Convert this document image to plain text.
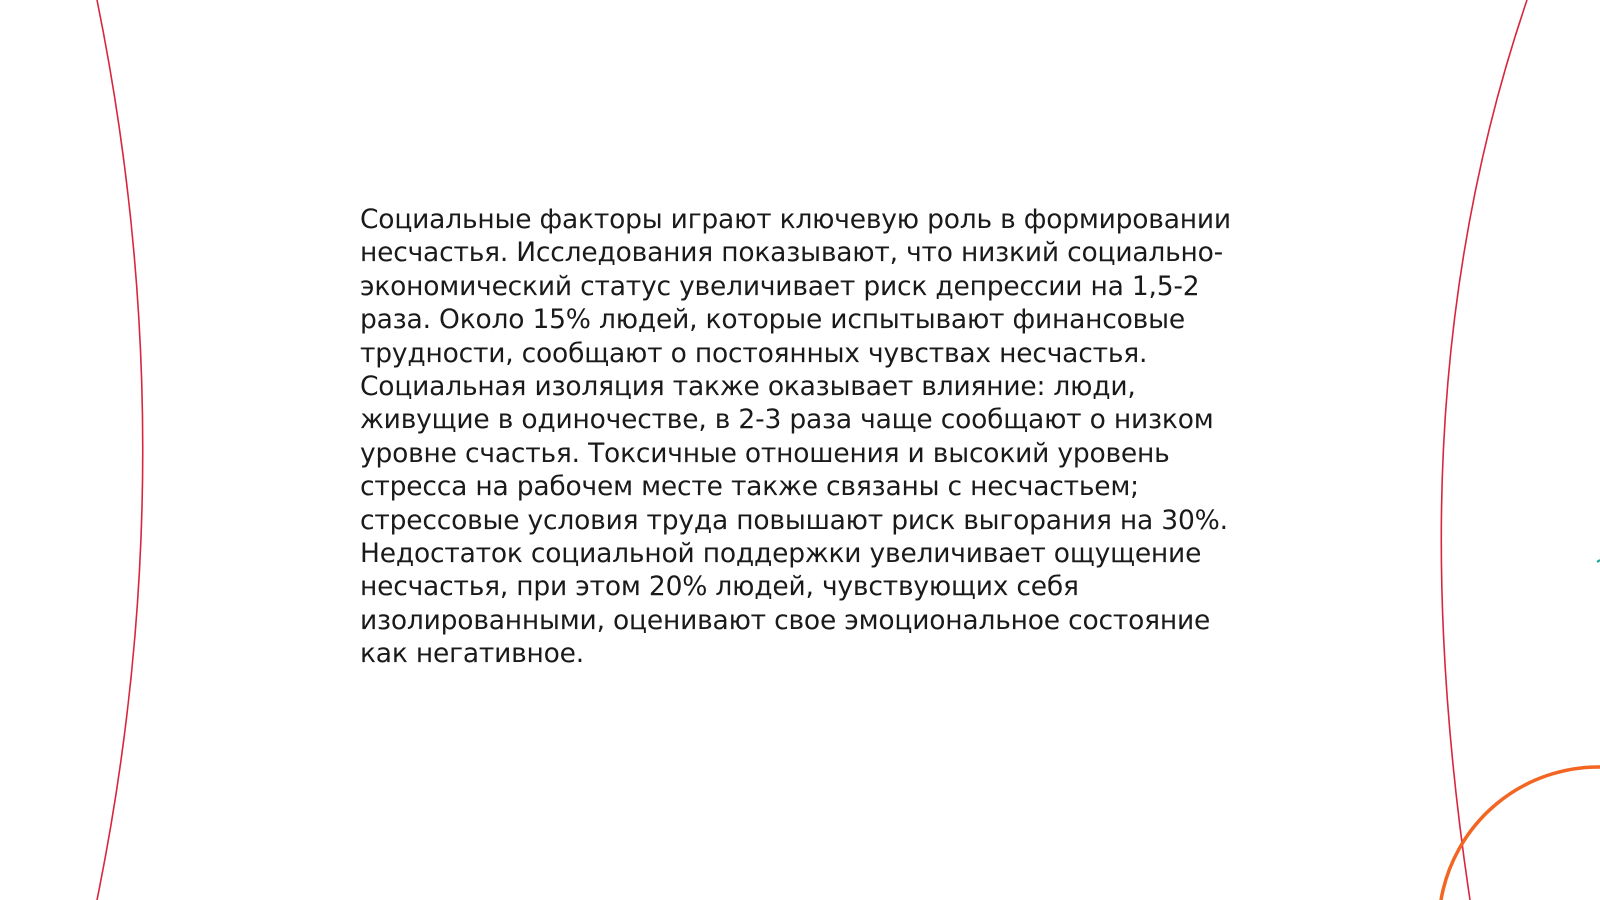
Социальные факторы играют ключевую роль в формировании
несчастья. Исследования показывают, что низкий социально-
экономический статус увеличивает риск депрессии на 1,5-2
раза. Около 15% людей, которые испытывают финансовые
трудности, сообщают о постоянных чувствах несчастья.
Социальная изоляция также оказывает влияние: люди,
живущие в одиночестве, в 2-3 раза чаще сообщают о низком
уровне счастья. Токсичные отношения и высокий уровень
стресса на рабочем месте также связаны с несчастьем;
стрессовые условия труда повышают риск выгорания на 30%.
Недостаток социальной поддержки увеличивает ощущение
несчастья, при этом 20% людей, чувствующих себя
изолированными, оценивают свое эмоциональное состояние
как негативное.
